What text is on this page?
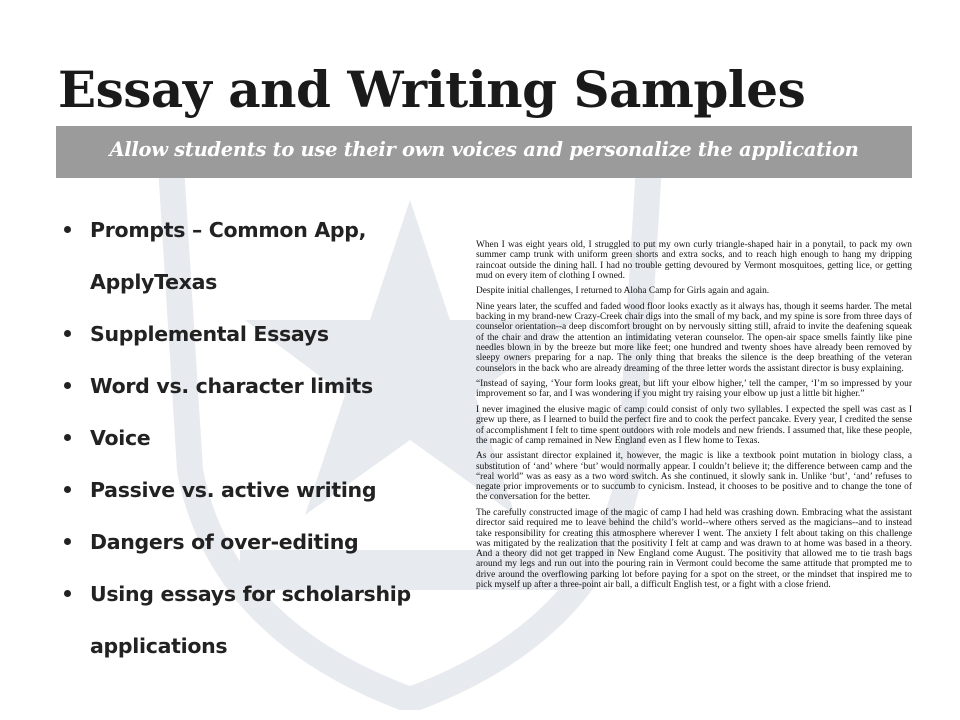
Essay and Writing Samples
Allow students to use their own voices and personalize the application
Prompts – Common App, ApplyTexas
Supplemental Essays
Word vs. character limits
Voice
Passive vs. active writing
Dangers of over-editing
Using essays for scholarship applications

When I was eight years old, I struggled to put my own curly triangle-shaped hair in a ponytail, to pack my own summer camp trunk with uniform green shorts and extra socks, and to reach high enough to hang my dripping raincoat outside the dining hall. I had no trouble getting devoured by Vermont mosquitoes, getting lice, or getting mud on every item of clothing I owned.

Despite initial challenges, I returned to Aloha Camp for Girls again and again.

Nine years later, the scuffed and faded wood floor looks exactly as it always has, though it seems harder. The metal backing in my brand-new Crazy-Creek chair digs into the small of my back, and my spine is sore from three days of counselor orientation--a deep discomfort brought on by nervously sitting still, afraid to invite the deafening squeak of the chair and draw the attention an intimidating veteran counselor. The open-air space smells faintly like pine needles blown in by the breeze but more like feet; one hundred and twenty shoes have already been removed by sleepy owners preparing for a nap. The only thing that breaks the silence is the deep breathing of the veteran counselors in the back who are already dreaming of the three letter words the assistant director is busy explaining.

“Instead of saying, ‘Your form looks great, but lift your elbow higher,’ tell the camper, ‘I’m so impressed by your improvement so far, and I was wondering if you might try raising your elbow up just a little bit higher.”

I never imagined the elusive magic of camp could consist of only two syllables. I expected the spell was cast as I grew up there, as I learned to build the perfect fire and to cook the perfect pancake. Every year, I credited the sense of accomplishment I felt to time spent outdoors with role models and new friends. I assumed that, like these people, the magic of camp remained in New England even as I flew home to Texas.

As our assistant director explained it, however, the magic is like a textbook point mutation in biology class, a substitution of ‘and’ where ‘but’ would normally appear. I couldn’t believe it; the difference between camp and the “real world” was as easy as a two word switch. As she continued, it slowly sank in. Unlike ‘but’, ‘and’ refuses to negate prior improvements or to succumb to cynicism. Instead, it chooses to be positive and to change the tone of the conversation for the better.

The carefully constructed image of the magic of camp I had held was crashing down. Embracing what the assistant director said required me to leave behind the child’s world--where others served as the magicians--and to instead take responsibility for creating this atmosphere wherever I went. The anxiety I felt about taking on this challenge was mitigated by the realization that the positivity I felt at camp and was drawn to at home was based in a theory. And a theory did not get trapped in New England come August. The positivity that allowed me to tie trash bags around my legs and run out into the pouring rain in Vermont could become the same attitude that prompted me to drive around the overflowing parking lot before paying for a spot on the street, or the mindset that inspired me to pick myself up after a three-point air ball, a difficult English test, or a fight with a close friend.
